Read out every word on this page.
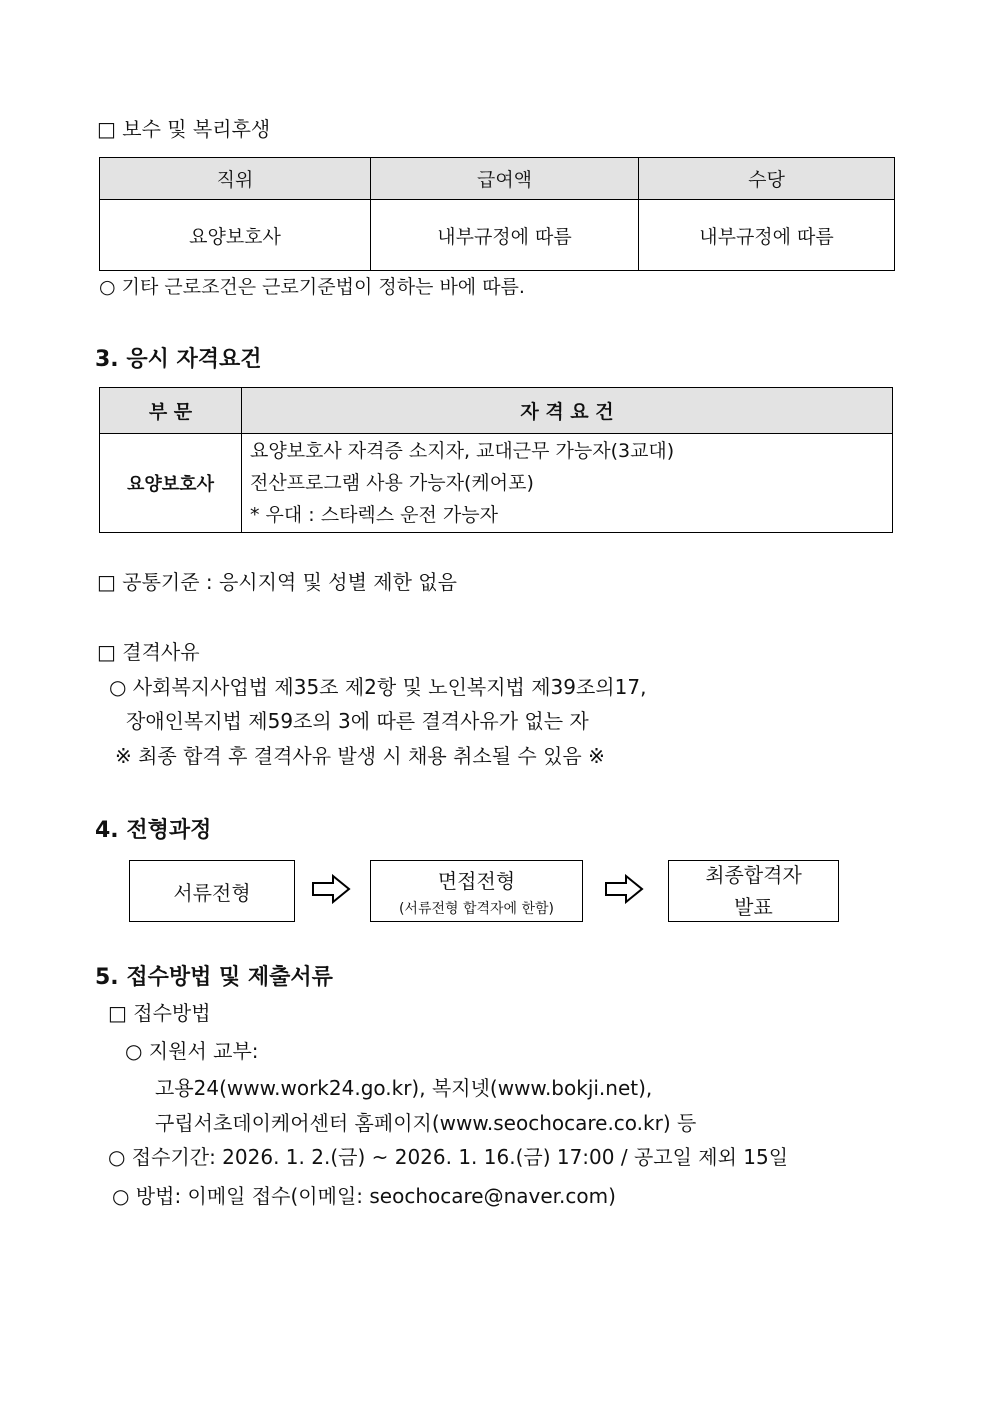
□ 보수 및 복리후생
직위	급여액	수당
요양보호사	내부규정에 따름	내부규정에 따름
○ 기타 근로조건은 근로기준법이 정하는 바에 따름.
3. 응시 자격요건
부 문	자 격 요 건
요양보호사	요양보호사 자격증 소지자, 교대근무 가능자(3교대)
전산프로그램 사용 가능자(케어포)
* 우대 : 스타렉스 운전 가능자
□ 공통기준 : 응시지역 및 성별 제한 없음
□ 결격사유
○ 사회복지사업법 제35조 제2항 및 노인복지법 제39조의17,
장애인복지법 제59조의 3에 따른 결격사유가 없는 자
※ 최종 합격 후 결격사유 발생 시 채용 취소될 수 있음 ※
4. 전형과정
서류전형	면접전형
(서류전형 합격자에 한함)
최종합격자
발표
5. 접수방법 및 제출서류
□ 접수방법
○ 지원서 교부:
고용24(www.work24.go.kr), 복지넷(www.bokji.net),
구립서초데이케어센터 홈페이지(www.seochocare.co.kr) 등
○ 접수기간: 2026. 1. 2.(금) ~ 2026. 1. 16.(금) 17:00 / 공고일 제외 15일
○ 방법: 이메일 접수(이메일: seochocare@naver.com)
